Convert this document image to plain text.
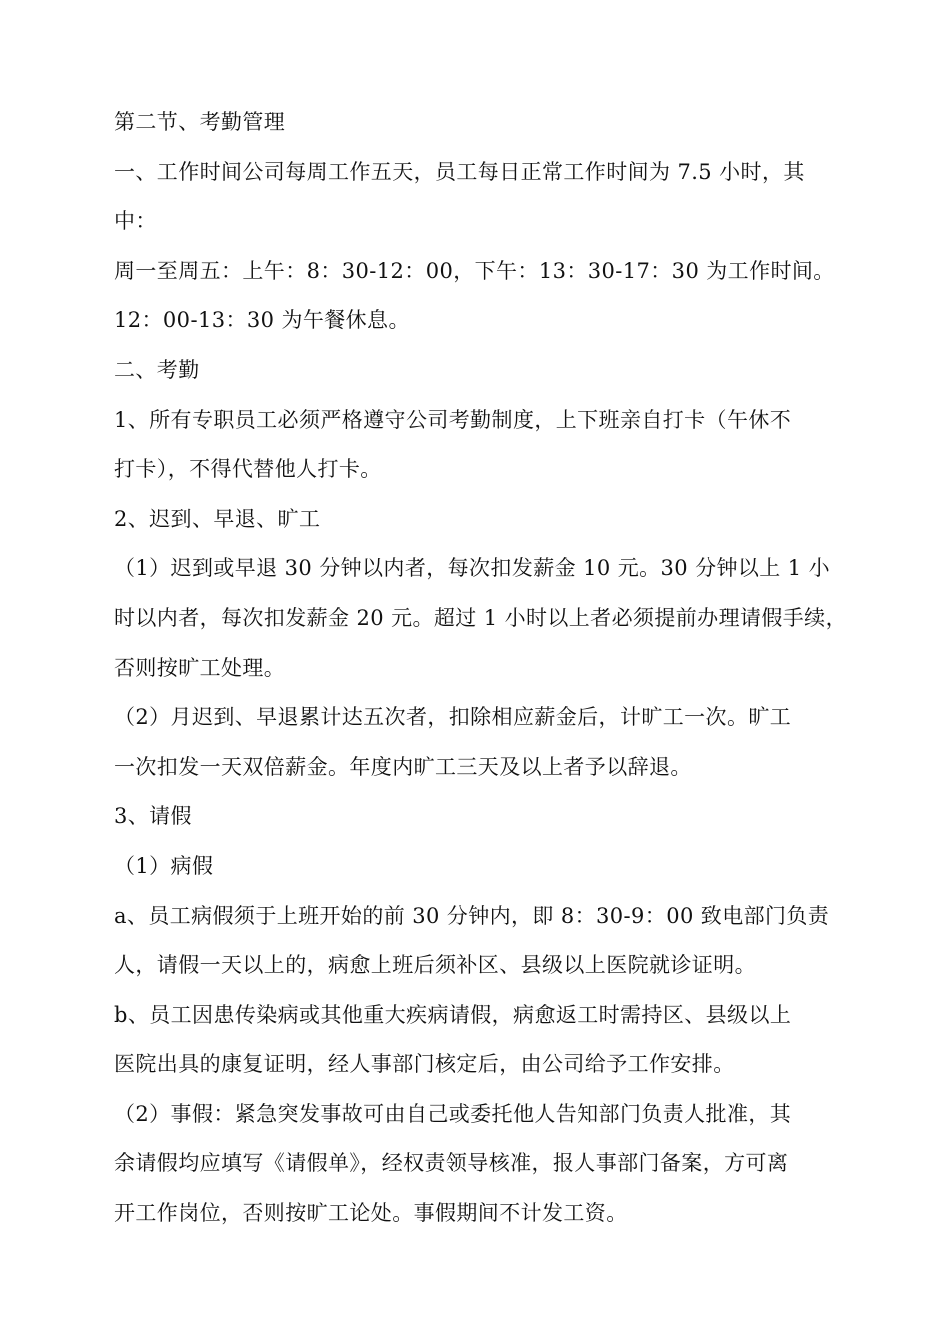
第二节、考勤管理
一、工作时间公司每周工作五天，员工每日正常工作时间为 7.5 小时，其
中：
周一至周五：上午：8：30-12：00，下午：13：30-17：30 为工作时间。
12：00-13：30 为午餐休息。
二、考勤
1、所有专职员工必须严格遵守公司考勤制度，上下班亲自打卡（午休不
打卡），不得代替他人打卡。
2、迟到、早退、旷工
（1）迟到或早退 30 分钟以内者，每次扣发薪金 10 元。30 分钟以上 1 小
时以内者，每次扣发薪金 20 元。超过 1 小时以上者必须提前办理请假手续，
否则按旷工处理。
（2）月迟到、早退累计达五次者，扣除相应薪金后，计旷工一次。旷工
一次扣发一天双倍薪金。年度内旷工三天及以上者予以辞退。
3、请假
（1）病假
a、员工病假须于上班开始的前 30 分钟内，即 8：30-9：00 致电部门负责
人，请假一天以上的，病愈上班后须补区、县级以上医院就诊证明。
b、员工因患传染病或其他重大疾病请假，病愈返工时需持区、县级以上
医院出具的康复证明，经人事部门核定后，由公司给予工作安排。
（2）事假：紧急突发事故可由自己或委托他人告知部门负责人批准，其
余请假均应填写《请假单》，经权责领导核准，报人事部门备案，方可离
开工作岗位，否则按旷工论处。事假期间不计发工资。
